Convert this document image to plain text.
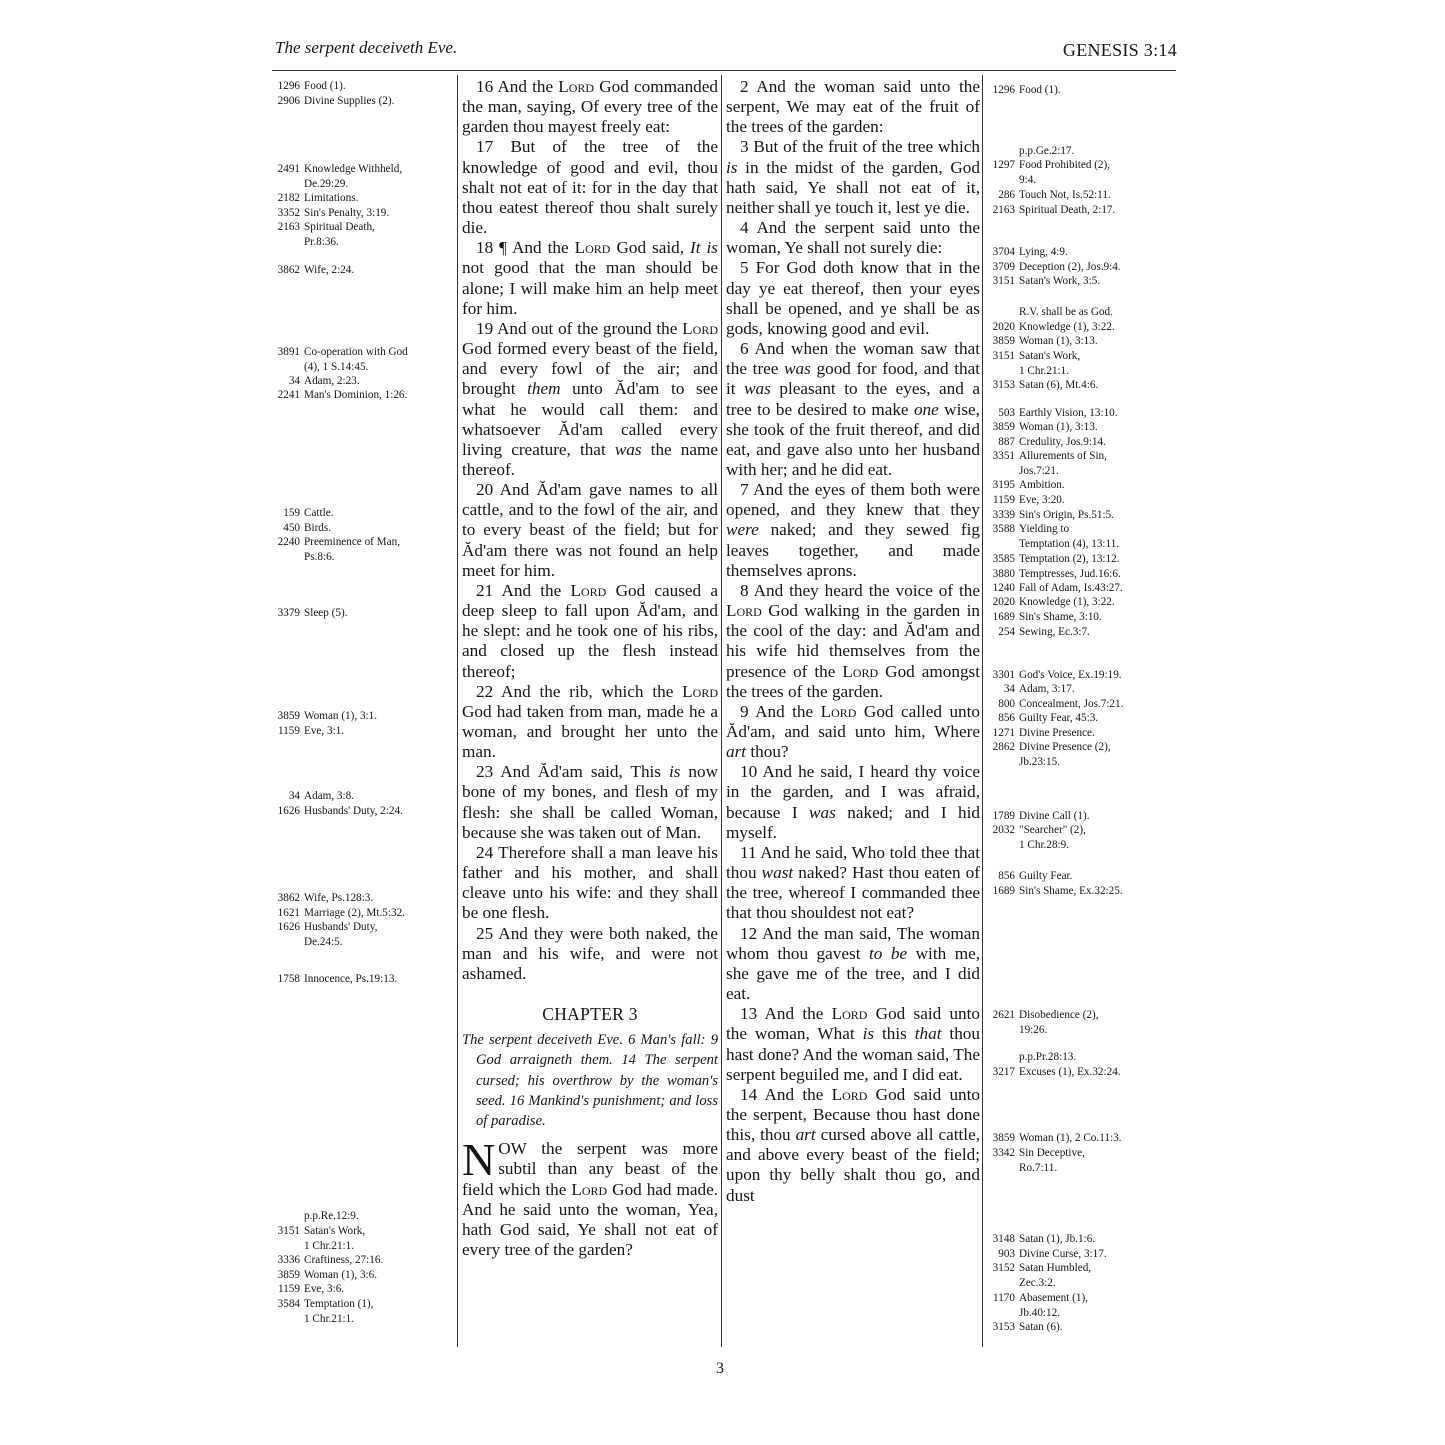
The serpent deceiveth Eve.	GENESIS 3:14
1296 Food (1).
2906 Divine Supplies (2).
2491 Knowledge Withheld,
De.29:29.
2182 Limitations.
3352 Sin's Penalty, 3:19.
2163 Spiritual Death,
Pr.8:36.
3862 Wife, 2:24.
3891 Co-operation with God
(4), 1 S.14:45.
34 Adam, 2:23.
2241 Man's Dominion, 1:26.
159 Cattle.
450 Birds.
2240 Preeminence of Man,
Ps.8:6.
3379 Sleep (5).
3859 Woman (1), 3:1.
1159 Eve, 3:1.
34 Adam, 3:8.
1626 Husbands' Duty, 2:24.
3862 Wife, Ps.128:3.
1621 Marriage (2), Mt.5:32.
1626 Husbands' Duty,
De.24:5.
1758 Innocence, Ps.19:13.
p.p.Re.12:9.
3151 Satan's Work,
1 Chr.21:1.
3336 Craftiness, 27:16.
3859 Woman (1), 3:6.
1159 Eve, 3:6.
3584 Temptation (1),
1 Chr.21:1.

16 And the Lord God commanded the man, saying, Of every tree of the garden thou mayest freely eat:

17 But of the tree of the knowledge of good and evil, thou shalt not eat of it: for in the day that thou eatest thereof thou shalt surely die.

18 ¶ And the Lord God said, It is not good that the man should be alone; I will make him an help meet for him.

19 And out of the ground the Lord God formed every beast of the field, and every fowl of the air; and brought them unto Ăd'am to see what he would call them: and whatsoever Ăd'am called every living creature, that was the name thereof.

20 And Ăd'am gave names to all cattle, and to the fowl of the air, and to every beast of the field; but for Ăd'am there was not found an help meet for him.

21 And the Lord God caused a deep sleep to fall upon Ăd'am, and he slept: and he took one of his ribs, and closed up the flesh instead thereof;

22 And the rib, which the Lord God had taken from man, made he a woman, and brought her unto the man.

23 And Ăd'am said, This is now bone of my bones, and flesh of my flesh: she shall be called Woman, because she was taken out of Man.

24 Therefore shall a man leave his father and his mother, and shall cleave unto his wife: and they shall be one flesh.

25 And they were both naked, the man and his wife, and were not ashamed.

CHAPTER 3
The serpent deceiveth Eve. 6 Man's fall: 9 God arraigneth them. 14 The serpent cursed; his overthrow by the woman's seed. 16 Mankind's punishment; and loss of paradise.

NOW the serpent was more subtil than any beast of the field which the Lord God had made. And he said unto the woman, Yea, hath God said, Ye shall not eat of every tree of the garden?

2 And the woman said unto the serpent, We may eat of the fruit of the trees of the garden:

3 But of the fruit of the tree which is in the midst of the garden, God hath said, Ye shall not eat of it, neither shall ye touch it, lest ye die.

4 And the serpent said unto the woman, Ye shall not surely die:

5 For God doth know that in the day ye eat thereof, then your eyes shall be opened, and ye shall be as gods, knowing good and evil.

6 And when the woman saw that the tree was good for food, and that it was pleasant to the eyes, and a tree to be desired to make one wise, she took of the fruit thereof, and did eat, and gave also unto her husband with her; and he did eat.

7 And the eyes of them both were opened, and they knew that they were naked; and they sewed fig leaves together, and made themselves aprons.

8 And they heard the voice of the Lord God walking in the garden in the cool of the day: and Ăd'am and his wife hid themselves from the presence of the Lord God amongst the trees of the garden.

9 And the Lord God called unto Ăd'am, and said unto him, Where art thou?

10 And he said, I heard thy voice in the garden, and I was afraid, because I was naked; and I hid myself.

11 And he said, Who told thee that thou wast naked? Hast thou eaten of the tree, whereof I commanded thee that thou shouldest not eat?

12 And the man said, The woman whom thou gavest to be with me, she gave me of the tree, and I did eat.

13 And the Lord God said unto the woman, What is this that thou hast done? And the woman said, The serpent beguiled me, and I did eat.

14 And the Lord God said unto the serpent, Because thou hast done this, thou art cursed above all cattle, and above every beast of the field; upon thy belly shalt thou go, and dust

1296 Food (1).
p.p.Ge.2:17.
1297 Food Prohibited (2),
9:4.
286 Touch Not, Is.52:11.
2163 Spiritual Death, 2:17.
3704 Lying, 4:9.
3709 Deception (2), Jos.9:4.
3151 Satan's Work, 3:5.
R.V. shall be as God.
2020 Knowledge (1), 3:22.
3859 Woman (1), 3:13.
3151 Satan's Work,
1 Chr.21:1.
3153 Satan (6), Mt.4:6.
503 Earthly Vision, 13:10.
3859 Woman (1), 3:13.
887 Credulity, Jos.9:14.
3351 Allurements of Sin,
Jos.7:21.
3195 Ambition.
1159 Eve, 3:20.
3339 Sin's Origin, Ps.51:5.
3588 Yielding to
Temptation (4), 13:11.
3585 Temptation (2), 13:12.
3880 Temptresses, Jud.16:6.
1240 Fall of Adam, Is.43:27.
2020 Knowledge (1), 3:22.
1689 Sin's Shame, 3:10.
254 Sewing, Ec.3:7.
3301 God's Voice, Ex.19:19.
34 Adam, 3:17.
800 Concealment, Jos.7:21.
856 Guilty Fear, 45:3.
1271 Divine Presence.
2862 Divine Presence (2),
Jb.23:15.
1789 Divine Call (1).
2032 "Searcher" (2),
1 Chr.28:9.
856 Guilty Fear.
1689 Sin's Shame, Ex.32:25.
2621 Disobedience (2),
19:26.
p.p.Pr.28:13.
3217 Excuses (1), Ex.32:24.
3859 Woman (1), 2 Co.11:3.
3342 Sin Deceptive,
Ro.7:11.
3148 Satan (1), Jb.1:6.
903 Divine Curse, 3:17.
3152 Satan Humbled,
Zec.3:2.
1170 Abasement (1),
Jb.40:12.
3153 Satan (6).
3
